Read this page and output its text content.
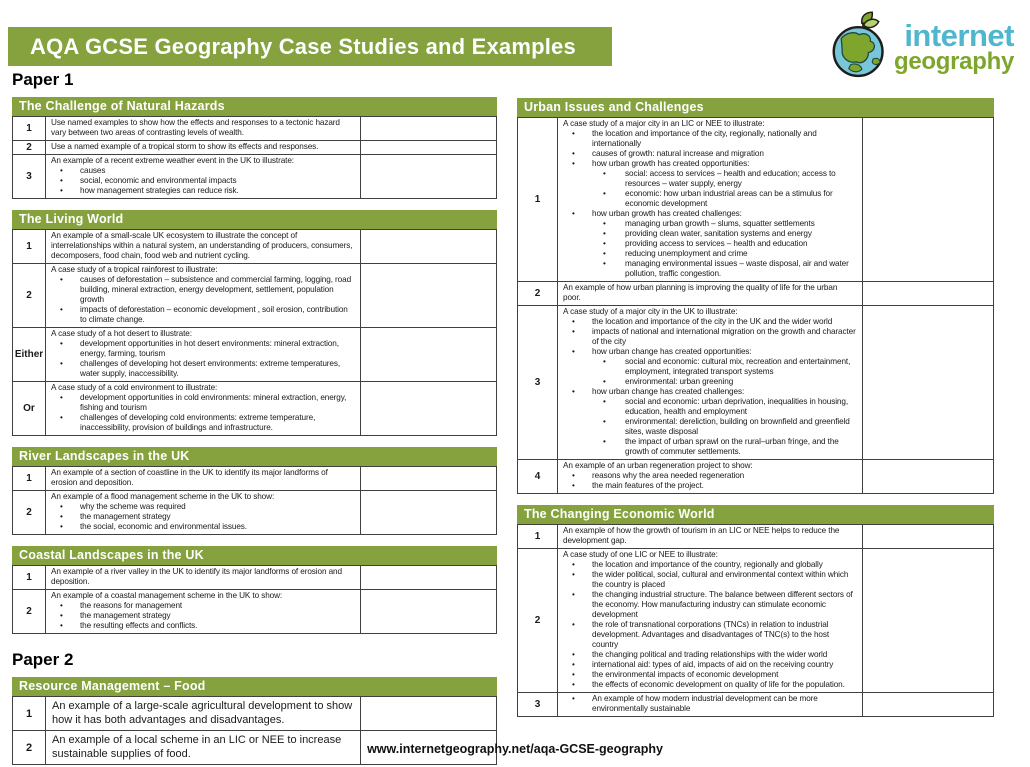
AQA GCSE Geography Case Studies and Examples	internet
geography
Paper 1
The Challenge of Natural Hazards
1
Use named examples to show how the effects and responses to a tectonic hazard vary between two areas of contrasting levels of wealth.
2	Use a named example of a tropical storm to show its effects and responses.
3
An example of a recent extreme weather event in the UK to illustrate:
• causes
• social, economic and environmental impacts
• how management strategies can reduce risk.
The Living World
1
An example of a small-scale UK ecosystem to illustrate the concept of interrelationships within a natural system, an understanding of producers, consumers, decomposers, food chain, food web and nutrient cycling.
2
A case study of a tropical rainforest to illustrate:
• causes of deforestation – subsistence and commercial farming, logging, road building, mineral extraction, energy development, settlement, population growth
• impacts of deforestation – economic development , soil erosion, contribution to climate change.
Either
A case study of a hot desert to illustrate:
• development opportunities in hot desert environments: mineral extraction, energy, farming, tourism
• challenges of developing hot desert environments: extreme temperatures, water supply, inaccessibility.
Or
A case study of a cold environment to illustrate:
• development opportunities in cold environments: mineral extraction, energy, fishing and tourism
• challenges of developing cold environments: extreme temperature, inaccessibility, provision of buildings and infrastructure.
River Landscapes in the UK
1
An example of a section of coastline in the UK to identify its major landforms of erosion and deposition.
2
An example of a flood management scheme in the UK to show:
• why the scheme was required
• the management strategy
• the social, economic and environmental issues.
Coastal Landscapes in the UK
1
An example of a river valley in the UK to identify its major landforms of erosion and deposition.
2
An example of a coastal management scheme in the UK to show:
• the reasons for management
• the management strategy
• the resulting effects and conflicts.
Paper 2
Resource Management – Food
1
An example of a large-scale agricultural development to show how it has both advantages and disadvantages.
2
An example of a local scheme in an LIC or NEE to increase sustainable supplies of food.
Urban Issues and Challenges
1
A case study of a major city in an LIC or NEE to illustrate:
• the location and importance of the city, regionally, nationally and internationally
• causes of growth: natural increase and migration
• how urban growth has created opportunities:
• social: access to services – health and education; access to resources – water supply, energy
• economic: how urban industrial areas can be a stimulus for economic development
• how urban growth has created challenges:
• managing urban growth – slums, squatter settlements
• providing clean water, sanitation systems and energy
• providing access to services – health and education
• reducing unemployment and crime
• managing environmental issues – waste disposal, air and water pollution, traffic congestion.
2
An example of how urban planning is improving the quality of life for the urban poor.
3
A case study of a major city in the UK to illustrate:
• the location and importance of the city in the UK and the wider world
• impacts of national and international migration on the growth and character of the city
• how urban change has created opportunities:
• social and economic: cultural mix, recreation and entertainment, employment, integrated transport systems
• environmental: urban greening
• how urban change has created challenges:
• social and economic: urban deprivation, inequalities in housing, education, health and employment
• environmental: dereliction, building on brownfield and greenfield sites, waste disposal
• the impact of urban sprawl on the rural–urban fringe, and the growth of commuter settlements.
4
An example of an urban regeneration project to show:
• reasons why the area needed regeneration
• the main features of the project.
The Changing Economic World
1
An example of how the growth of tourism in an LIC or NEE helps to reduce the development gap.
2
A case study of one LIC or NEE to illustrate:
• the location and importance of the country, regionally and globally
• the wider political, social, cultural and environmental context within which the country is placed
• the changing industrial structure. The balance between different sectors of the economy. How manufacturing industry can stimulate economic development
• the role of transnational corporations (TNCs) in relation to industrial development. Advantages and disadvantages of TNC(s) to the host country
• the changing political and trading relationships with the wider world
• international aid: types of aid, impacts of aid on the receiving country
• the environmental impacts of economic development
• the effects of economic development on quality of life for the population.
3
• An example of how modern industrial development can be more environmentally sustainable
www.internetgeography.net/aqa-GCSE-geography
